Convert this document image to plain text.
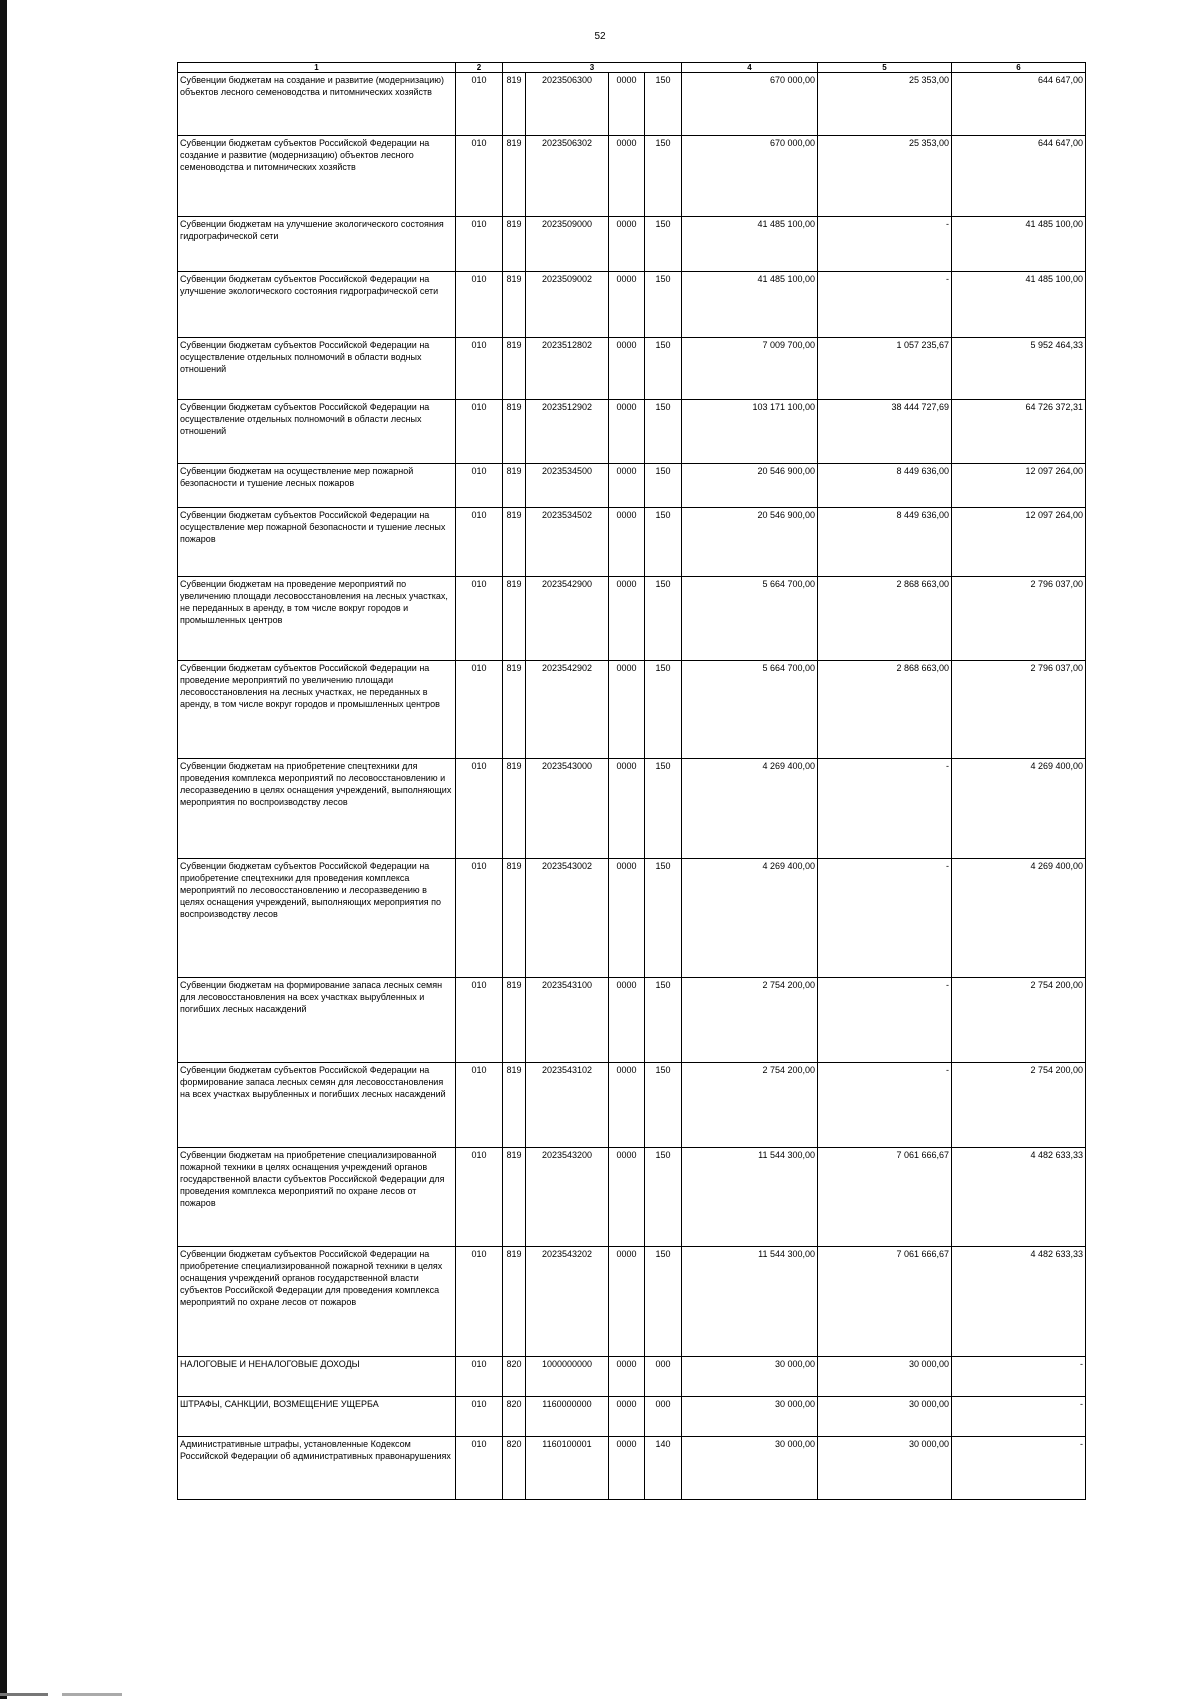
52
1	2	3				4	5	6
Субвенции бюджетам на создание и развитие (модернизацию) объектов лесного семеноводства и питомнических хозяйств	010	819	2023506300	0000	150	670 000,00	25 353,00	644 647,00
Субвенции бюджетам субъектов Российской Федерации на создание и развитие (модернизацию) объектов лесного семеноводства и питомнических хозяйств	010	819	2023506302	0000	150	670 000,00	25 353,00	644 647,00
Субвенции бюджетам на улучшение экологического состояния гидрографической сети	010	819	2023509000	0000	150	41 485 100,00	-	41 485 100,00
Субвенции бюджетам субъектов Российской Федерации на улучшение экологического состояния гидрографической сети	010	819	2023509002	0000	150	41 485 100,00	-	41 485 100,00
Субвенции бюджетам субъектов Российской Федерации на осуществление отдельных полномочий в области водных отношений	010	819	2023512802	0000	150	7 009 700,00	1 057 235,67	5 952 464,33
Субвенции бюджетам субъектов Российской Федерации на осуществление отдельных полномочий в области лесных отношений	010	819	2023512902	0000	150	103 171 100,00	38 444 727,69	64 726 372,31
Субвенции бюджетам на осуществление мер пожарной безопасности и тушение лесных пожаров	010	819	2023534500	0000	150	20 546 900,00	8 449 636,00	12 097 264,00
Субвенции бюджетам субъектов Российской Федерации на осуществление мер пожарной безопасности и тушение лесных пожаров	010	819	2023534502	0000	150	20 546 900,00	8 449 636,00	12 097 264,00
Субвенции бюджетам на проведение мероприятий по увеличению площади лесовосстановления на лесных участках, не переданных в аренду, в том числе вокруг городов и промышленных центров	010	819	2023542900	0000	150	5 664 700,00	2 868 663,00	2 796 037,00
Субвенции бюджетам субъектов Российской Федерации на проведение мероприятий по увеличению площади лесовосстановления на лесных участках, не переданных в аренду, в том числе вокруг городов и промышленных центров	010	819	2023542902	0000	150	5 664 700,00	2 868 663,00	2 796 037,00
Субвенции бюджетам на приобретение спецтехники для проведения комплекса мероприятий по лесовосстановлению и лесоразведению в целях оснащения учреждений, выполняющих мероприятия по воспроизводству лесов	010	819	2023543000	0000	150	4 269 400,00	-	4 269 400,00
Субвенции бюджетам субъектов Российской Федерации на приобретение спецтехники для проведения комплекса мероприятий по лесовосстановлению и лесоразведению в целях оснащения учреждений, выполняющих мероприятия по воспроизводству лесов	010	819	2023543002	0000	150	4 269 400,00	-	4 269 400,00
Субвенции бюджетам на формирование запаса лесных семян для лесовосстановления на всех участках вырубленных и погибших лесных насаждений	010	819	2023543100	0000	150	2 754 200,00	-	2 754 200,00
Субвенции бюджетам субъектов Российской Федерации на формирование запаса лесных семян для лесовосстановления на всех участках вырубленных и погибших лесных насаждений	010	819	2023543102	0000	150	2 754 200,00	-	2 754 200,00
Субвенции бюджетам на приобретение специализированной пожарной техники в целях оснащения учреждений органов государственной власти субъектов Российской Федерации для проведения комплекса мероприятий по охране лесов от пожаров	010	819	2023543200	0000	150	11 544 300,00	7 061 666,67	4 482 633,33
Субвенции бюджетам субъектов Российской Федерации на приобретение специализированной пожарной техники в целях оснащения учреждений органов государственной власти субъектов Российской Федерации для проведения комплекса мероприятий по охране лесов от пожаров	010	819	2023543202	0000	150	11 544 300,00	7 061 666,67	4 482 633,33
НАЛОГОВЫЕ И НЕНАЛОГОВЫЕ ДОХОДЫ	010	820	1000000000	0000	000	30 000,00	30 000,00	-
ШТРАФЫ, САНКЦИИ, ВОЗМЕЩЕНИЕ УЩЕРБА	010	820	1160000000	0000	000	30 000,00	30 000,00	-
Административные штрафы, установленные Кодексом Российской Федерации об административных правонарушениях	010	820	1160100001	0000	140	30 000,00	30 000,00	-
